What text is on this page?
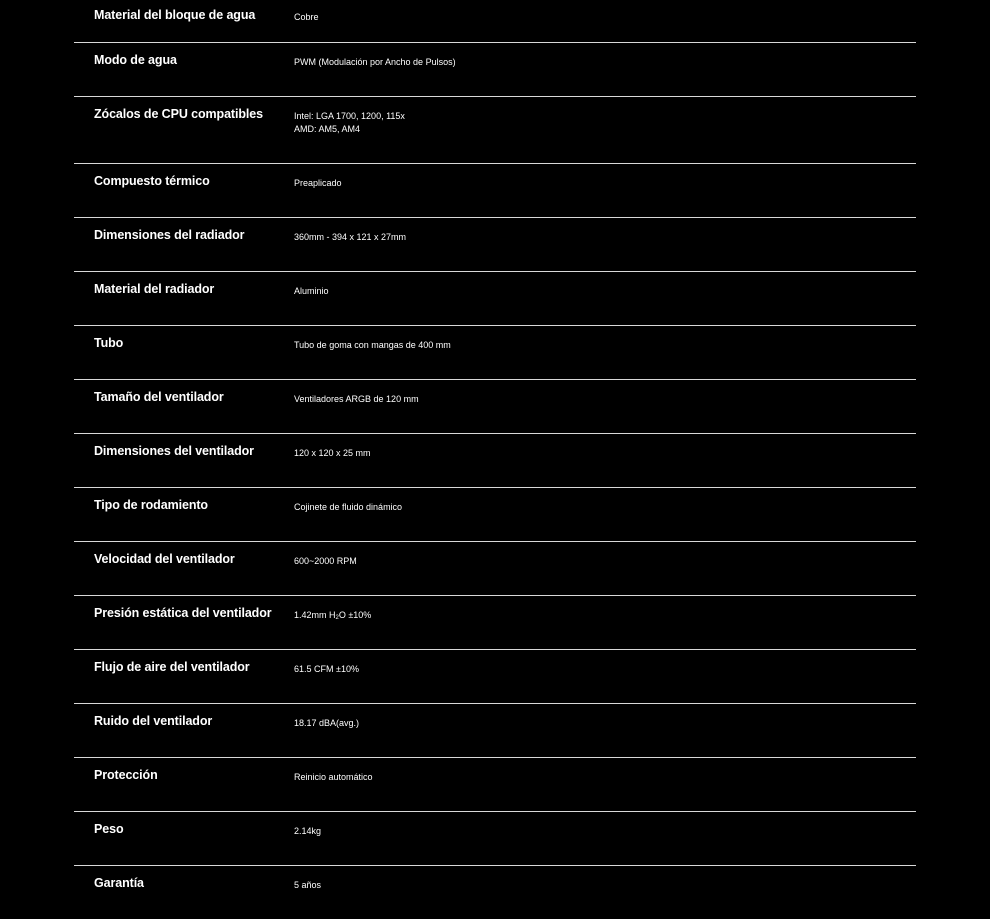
Material del bloque de agua	Cobre
Modo de agua	PWM (Modulación por Ancho de Pulsos)
Zócalos de CPU compatibles	Intel: LGA 1700, 1200, 115x
AMD: AM5, AM4
Compuesto térmico	Preaplicado
Dimensiones del radiador	360mm - 394 x 121 x 27mm
Material del radiador	Aluminio
Tubo	Tubo de goma con mangas de 400 mm
Tamaño del ventilador	Ventiladores ARGB de 120 mm
Dimensiones del ventilador	120 x 120 x 25 mm
Tipo de rodamiento	Cojinete de fluido dinámico
Velocidad del ventilador	600~2000 RPM
Presión estática del ventilador 1.42mm $H_2O \pm 10\%$
Flujo de aire del ventilador	61.5 CFM ±10%
Ruido del ventilador	18.17 dBA(avg.)
Protección	Reinicio automático
Peso	2.14kg
Garantía	5 años
